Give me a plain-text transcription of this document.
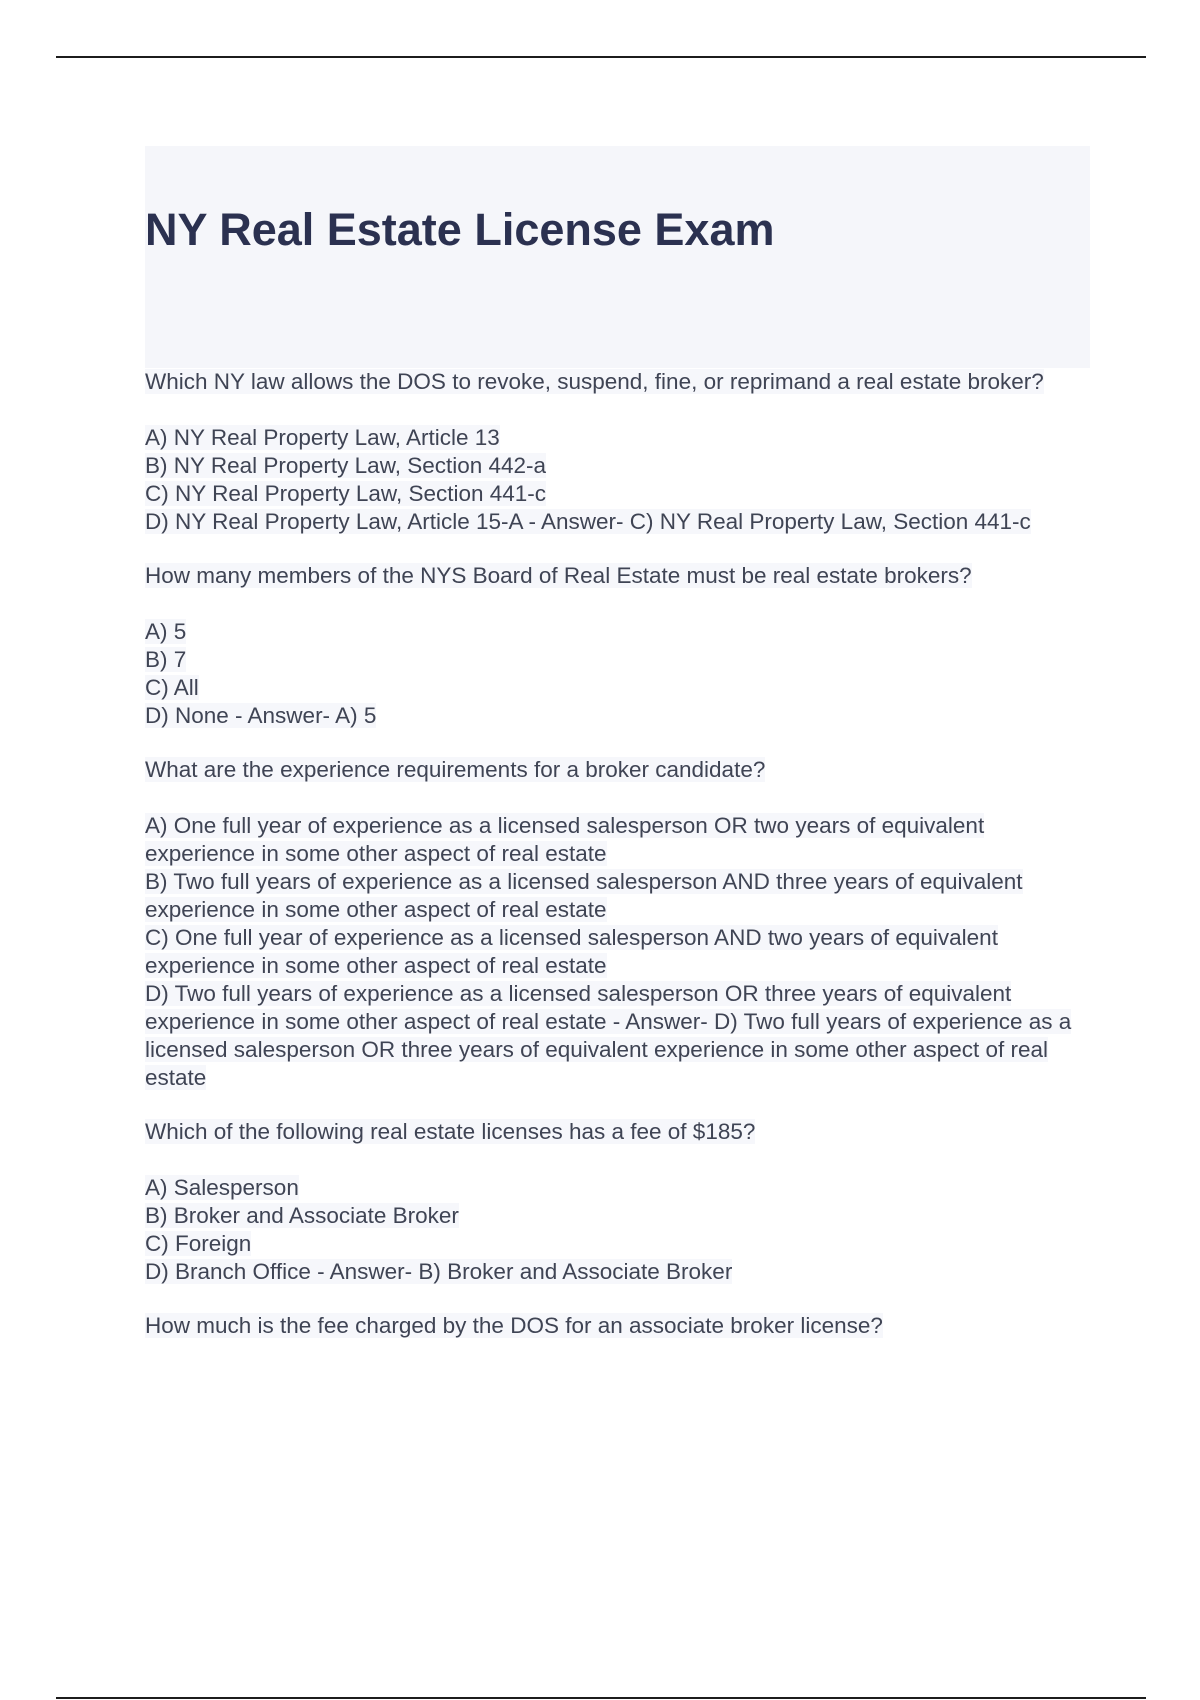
NY Real Estate License Exam

Which NY law allows the DOS to revoke, suspend, fine, or reprimand a real estate broker?

A) NY Real Property Law, Article 13

B) NY Real Property Law, Section 442-a

C) NY Real Property Law, Section 441-c

D) NY Real Property Law, Article 15-A - Answer- C) NY Real Property Law, Section 441-c

How many members of the NYS Board of Real Estate must be real estate brokers?

A) 5

B) 7

C) All

D) None - Answer- A) 5

What are the experience requirements for a broker candidate?

A) One full year of experience as a licensed salesperson OR two years of equivalent experience in some other aspect of real estate

B) Two full years of experience as a licensed salesperson AND three years of equivalent experience in some other aspect of real estate

C) One full year of experience as a licensed salesperson AND two years of equivalent experience in some other aspect of real estate

D) Two full years of experience as a licensed salesperson OR three years of equivalent experience in some other aspect of real estate - Answer- D) Two full years of experience as a licensed salesperson OR three years of equivalent experience in some other aspect of real estate

Which of the following real estate licenses has a fee of $185?

A) Salesperson

B) Broker and Associate Broker

C) Foreign

D) Branch Office - Answer- B) Broker and Associate Broker

How much is the fee charged by the DOS for an associate broker license?
